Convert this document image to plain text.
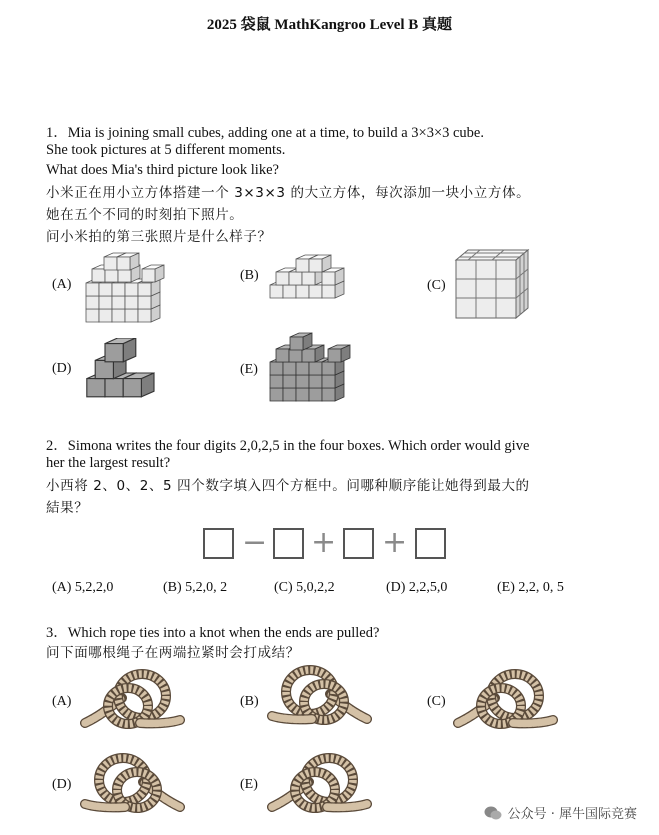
2025 袋鼠 MathKangroo Level B 真题
1．Mia is joining small cubes, adding one at a time, to build a 3×3×3 cube.
She took pictures at 5 different moments.
What does Mia's third picture look like?
小米正在用小立方体搭建一个 3×3×3 的大立方体，每次添加一块小立方体。
她在五个不同的时刻拍下照片。
问小米拍的第三张照片是什么样子？
(A)
(B)
(C)
(D)	(E)
2．Simona writes the four digits 2,0,2,5 in the four boxes. Which order would give
her the largest result?
小西将 2、0、2、5 四个数字填入四个方框中。问哪种顺序能让她得到最大的
結果？
− + +
(A) 5,2,2,0	(B) 5,2,0, 2	(C) 5,0,2,2	(D) 2,2,5,0	(E) 2,2, 0, 5
3．Which rope ties into a knot when the ends are pulled?
问下面哪根绳子在两端拉紧时会打成结？
(A)	(B)	(C)
(D)	(E)
公众号 · 犀牛国际竞赛
